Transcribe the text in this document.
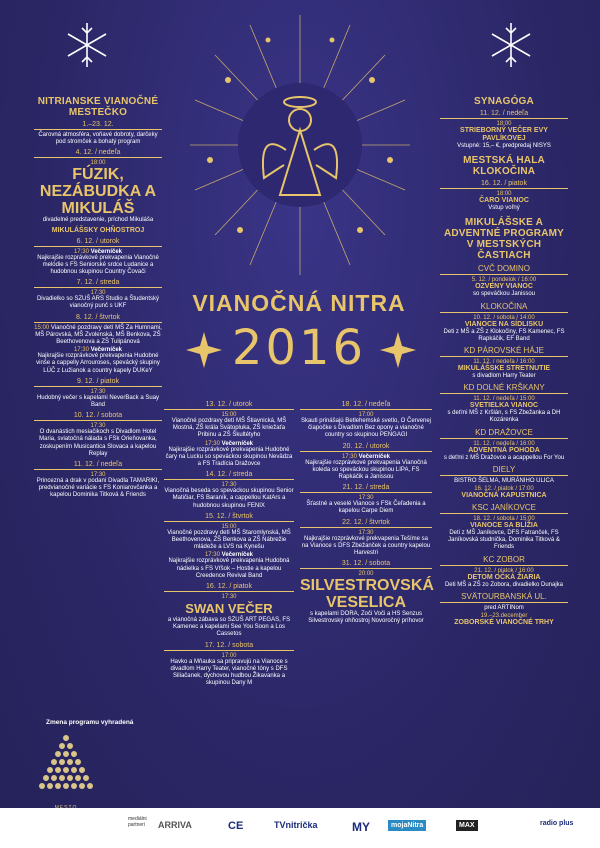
VIANOČNÁ NITRA
2016
NITRIANSKE VIANOČNÉ MESTEČKO
1.–23. 12.
Čarovná atmosféra, voňavé dobroty, darčeky pod stromček a bohatý program
4. 12. / nedeľa
18:00
FÚZIK, NEZÁBUDKA A MIKULÁŠ
divadelné predstavenie, príchod Mikuláša
MIKULÁŠSKY OHŇOSTROJ
6. 12. / utorok
17:30 Večerníček
Najkrajšie rozprávkové prekvapenia Vianočné melódie s FS Seniorské srdce Ludanice a hudobnou skupinou Country Čovači
7. 12. / streda
17:30
Divadielko so SZUŠ ARS Studio a Študentský vianočný punč s UKF
8. 12. / štvrtok
15:00 Vianočné pozdravy detí MŠ Za Humnami, MŠ Párovská, MŠ Zvolenská, MŠ Benkova, ZŠ Beethovenova a ZŠ Tulipánová
17:30 Večerníček
Najkrajšie rozprávkové prekvapenia Hudobné vinše a cappelly Arrouroses, spevácký skupiny LÚČ z Lužianok a country kapely DUKeY
9. 12. / piatok
17:30
Hudobný večer s kapelami NeverBack a Suay Band
10. 12. / sobota
17:30
O dvanástich mesiačikoch s Divadlom Hotel Maria, sviatočná nálada s FSk Orieňovanka, zoskupením Musicantica Slovaca a kapelou Replay
11. 12. / nedeľa
17:30
Princezná a drak v podaní Divadla TAMARIKI, predvianočné variácie s FS Koniarovčanka a kapelou Dominika Titková & Friends
Zmena programu vyhradená
13. 12. / utorok
15:00
Vianočné pozdravy detí MŠ Štiavnická, MŠ Mostná, ZŠ krála Svätopluka, ZŠ kniežaťa Pribinu a ZŠ Škultétyho
17:30 Večerníček
Najkrajšie rozprávkové prekvapenia Hudobné čary na Lucku so speváckou skupinou Nevädza a FS Tradícia Dražovce
14. 12. / streda
17:30
Vianočná beseda so speváckou skupinou Senior Matičiar, FS Baraník, a cappellou KatArs a hudobnou skupinou FENIX
15. 12. / štvrtok
15:00
Vianočné pozdravy detí MŠ Staromlynská, MŠ Beethovenova, ZŠ Benkova a ZŠ Nábrežie mládeže a LVS na Kynešu
17:30 Večerníček
Najkrajšie rozprávkové prekvapenia Hudobná nádielka s FS Vŕšok – Hostie a kapelou Creedence Revival Band
16. 12. / piatok
17:30
SWAN VEČER
a vianočná zábava so SZUŠ ART PEGAS, FS Kamenec a kapelami See You Soon a Los Cassetos
17. 12. / sobota
17:00
Havko a Mňauka sa pripravujú na Vianoce s divadlom Harry Teater, vianočné tóny s DFS Siliačanek, dychovou hudbou Žikavanka a skupinou Dany M
18. 12. / nedeľa
17:00
Skauti prinášajú Betlehemské svetlo, O Červenej čiapočke s Divadlom Bez opony a vianočné country so skupinou PENGAGI
20. 12. / utorok
17:30 Večerníček
Najkrajšie rozprávkové prekvapenia Vianočná koleda so speváckou skupinou LIPA, FS Rapkáčik a Janissou
21. 12. / streda
17:30
Šťastné a veselé Vianoce s FSk Čeľadenia a kapelou Carpe Diem
22. 12. / štvrtok
17:30
Najkrajšie rozprávkové prekvapenia Tešíme sa na Vianoce s DFS Zbežanček a country kapelou Harvestri
31. 12. / sobota
20:00
SILVESTROVSKÁ VESELICA
s kapelami DORA, Zoči Voči a HS Senzus Silvestrovský ohňostroj Novoročný príhovor
SYNAGÓGA
11. 12. / nedeľa
18:00
STRIEBORNÝ VEČER EVY PAVLÍKOVEJ
Vstupné: 15,– €, predpredaj NISYS
MESTSKÁ HALA KLOKOČINA
16. 12. / piatok
18:00
ČARO VIANOC
Vstup voľný
MIKULÁŠSKE A ADVENTNÉ PROGRAMY V MESTSKÝCH ČASTIACH
CVČ DOMINO
5. 12. / pondelok / 16:00
OZVENY VIANOC
so speváčkou Janissou
KLOKOČINA
10. 12. / sobota / 14:00
VIANOCE NA SÍDLISKU
Deti z MŠ a ZŠ z Klokočiny, FS Kamenec, FS Rapkáčik, EF Band
KD PÁROVSKÉ HÁJE
11. 12. / nedeľa / 16:00
MIKULÁŠSKE STRETNUTIE
s divadlom Harry Teater
KD DOLNÉ KRŠKANY
11. 12. / nedeľa / 15:00
SVETIELKA VIANOC
s deťmi MŠ z Kršlán, s FS Zbežanka a DH Kozárenka
KD DRAŽOVCE
11. 12. / nedeľa / 16:00
ADVENTNÁ POHODA
s deťmi z MŠ Dražovce a acappellou For You
DIELY
BISTRO ŠELMA, MURÁNIHO ULICA
16. 12. / piatok / 17:00
VIANOČNÁ KAPUSTNICA
KSC JANÍKOVCE
18. 12. / sobota / 15:00
VIANOCE SA BLÍŽIA
Deti z MŠ Janíkovce, DFS Fatranček, FS Janíkovská studnička, Dominika Titková & Friends
KC ZOBOR
21. 12. / piatok / 16:00
DETOM OČKÁ ŽIARIA
Deti MŠ a ZŠ zo Zobora, divadielko Dunajka
SVÄTOURBANSKÁ UL.
pred ARTINom
19.–23.december
ZOBORSKÉ VIANOČNÉ TRHY
mediálni partneri	ARRIVA	CE	TVnitrička	MY	mojaNitra	MAX	radio plus
